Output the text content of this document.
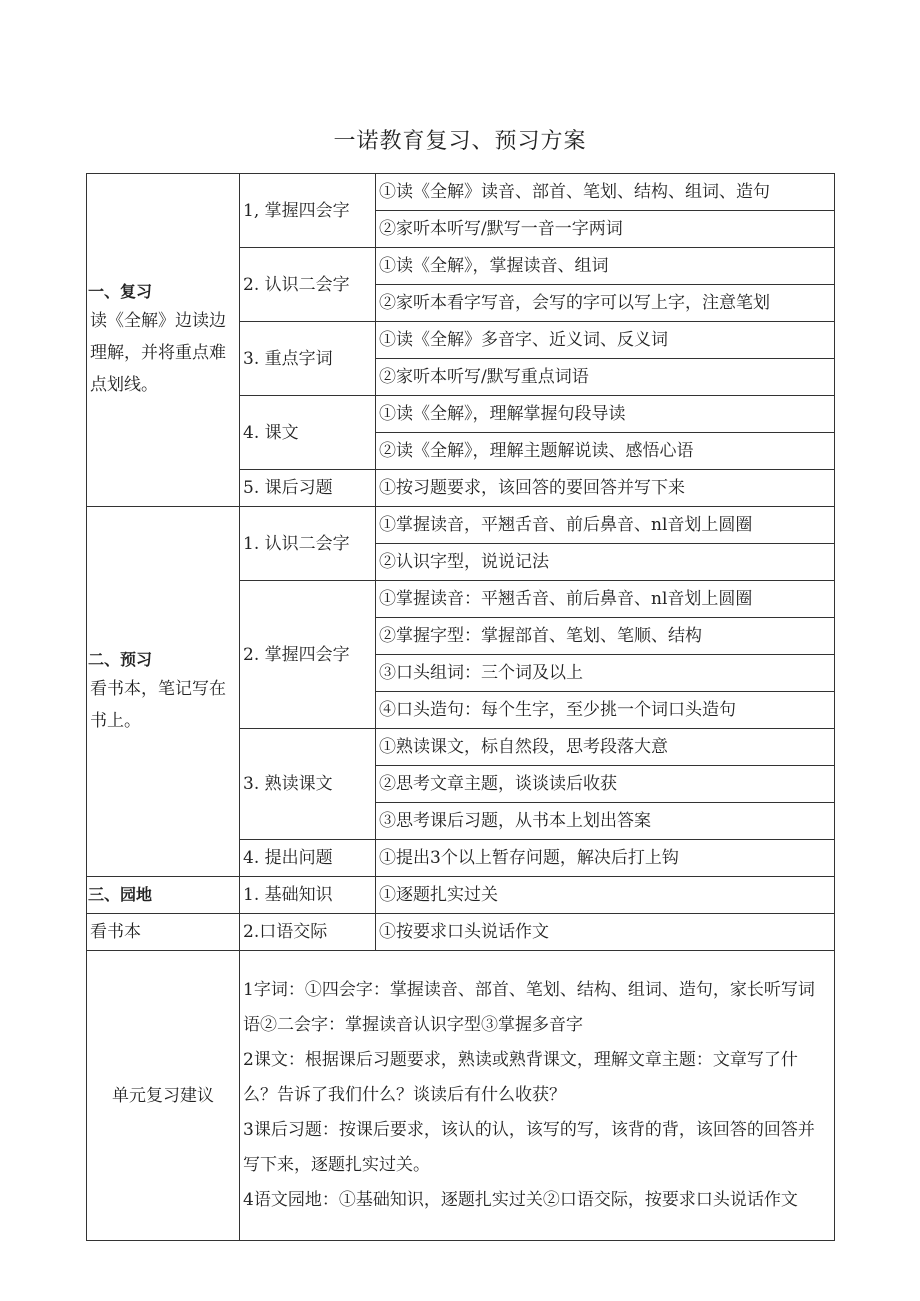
一诺教育复习、预习方案
一、复习
读《全解》边读边
理解，并将重点难
点划线。	1, 掌握四会字	①读《全解》读音、部首、笔划、结构、组词、造句
		②家听本听写/默写一音一字两词
	2. 认识二会字	①读《全解》，掌握读音、组词
		②家听本看字写音，会写的字可以写上字，注意笔划
	3. 重点字词	①读《全解》多音字、近义词、反义词
		②家听本听写/默写重点词语
	4. 课文	①读《全解》，理解掌握句段导读
		②读《全解》，理解主题解说读、感悟心语
	5. 课后习题	①按习题要求，该回答的要回答并写下来

二、预习
看书本，笔记写在
书上。	1. 认识二会字	①掌握读音，平翘舌音、前后鼻音、nl音划上圆圈
		②认识字型，说说记法
	2. 掌握四会字	①掌握读音：平翘舌音、前后鼻音、nl音划上圆圈
		②掌握字型：掌握部首、笔划、笔顺、结构
		③口头组词：三个词及以上
		④口头造句：每个生字，至少挑一个词口头造句
	3. 熟读课文	①熟读课文，标自然段，思考段落大意
		②思考文章主题，谈谈读后收获
		③思考课后习题，从书本上划出答案
	4. 提出问题	①提出3个以上暂存问题，解决后打上钩

三、园地	1. 基础知识	①逐题扎实过关
看书本	2.口语交际	①按要求口头说话作文
单元复习建议	1字词：①四会字：掌握读音、部首、笔划、结构、组词、造句，家长听写词语②二会字：掌握读音认识字型③掌握多音字

2课文：根据课后习题要求，熟读或熟背课文，理解文章主题：文章写了什么？告诉了我们什么？谈读后有什么收获？

3课后习题：按课后要求，该认的认，该写的写，该背的背，该回答的回答并写下来，逐题扎实过关。

4语文园地：①基础知识，逐题扎实过关②口语交际，按要求口头说话作文	
